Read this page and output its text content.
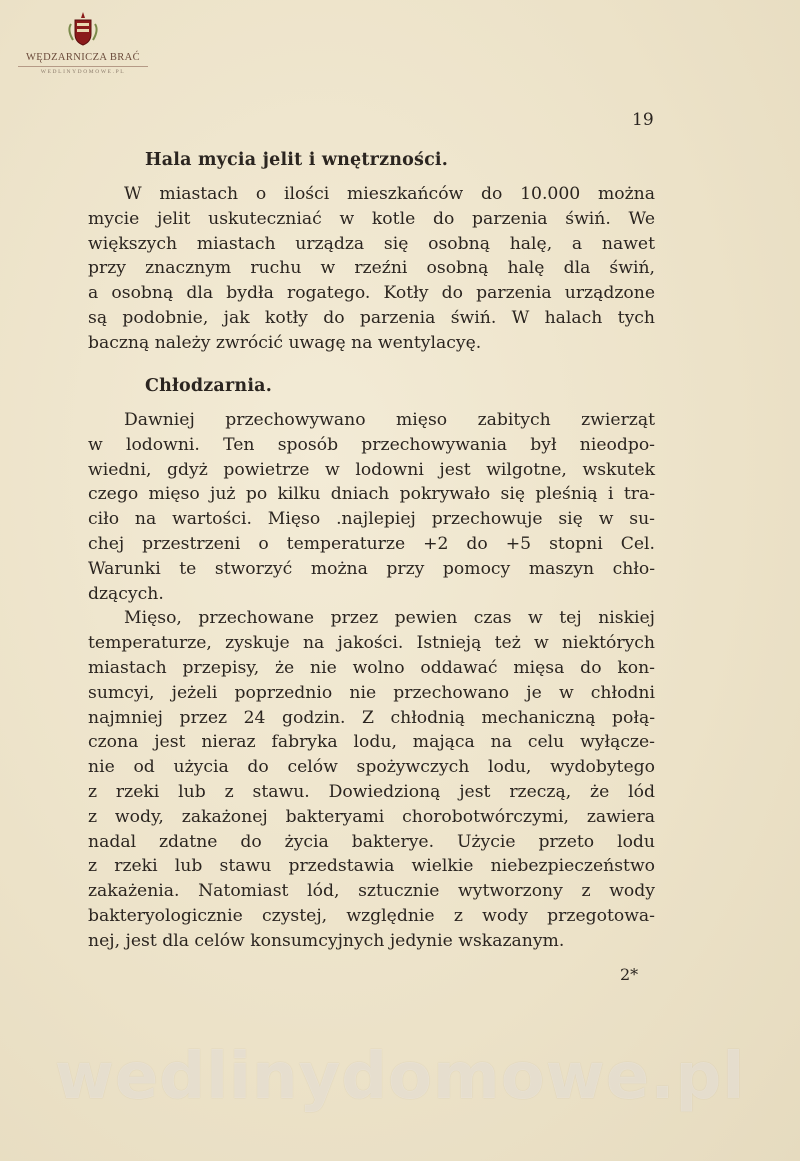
WĘDZARNICZA BRAĆ
WEDLINYDOMOWE.PL
19
Hala mycia jelit i wnętrzności.
W miastach o ilości mieszkańców do 10.000 można
mycie jelit uskuteczniać w kotle do parzenia świń. We
większych miastach urządza się osobną halę, a nawet
przy znacznym ruchu w rzeźni osobną halę dla świń,
a osobną dla bydła rogatego. Kotły do parzenia urządzone
są podobnie, jak kotły do parzenia świń. W halach tych
baczną należy zwrócić uwagę na wentylacyę.
Chłodzarnia.
Dawniej przechowywano mięso zabitych zwierząt
w lodowni. Ten sposób przechowywania był nieodpo-
wiedni, gdyż powietrze w lodowni jest wilgotne, wskutek
czego mięso już po kilku dniach pokrywało się pleśnią i tra-
ciło na wartości. Mięso .najlepiej przechowuje się w su-
chej przestrzeni o temperaturze +2 do +5 stopni Cel.
Warunki te stworzyć można przy pomocy maszyn chło-
dzących.
Mięso, przechowane przez pewien czas w tej niskiej
temperaturze, zyskuje na jakości. Istnieją też w niektórych
miastach przepisy, że nie wolno oddawać mięsa do kon-
sumcyi, jeżeli poprzednio nie przechowano je w chłodni
najmniej przez 24 godzin. Z chłodnią mechaniczną połą-
czona jest nieraz fabryka lodu, mająca na celu wyłącze-
nie od użycia do celów spożywczych lodu, wydobytego
z rzeki lub z stawu. Dowiedzioną jest rzeczą, że lód
z wody, zakażonej bakteryami chorobotwórczymi, zawiera
nadal zdatne do życia bakterye. Użycie przeto lodu
z rzeki lub stawu przedstawia wielkie niebezpieczeństwo
zakażenia. Natomiast lód, sztucznie wytworzony z wody
bakteryologicznie czystej, względnie z wody przegotowa-
nej, jest dla celów konsumcyjnych jedynie wskazanym.
2*
wedlinydomowe.pl
